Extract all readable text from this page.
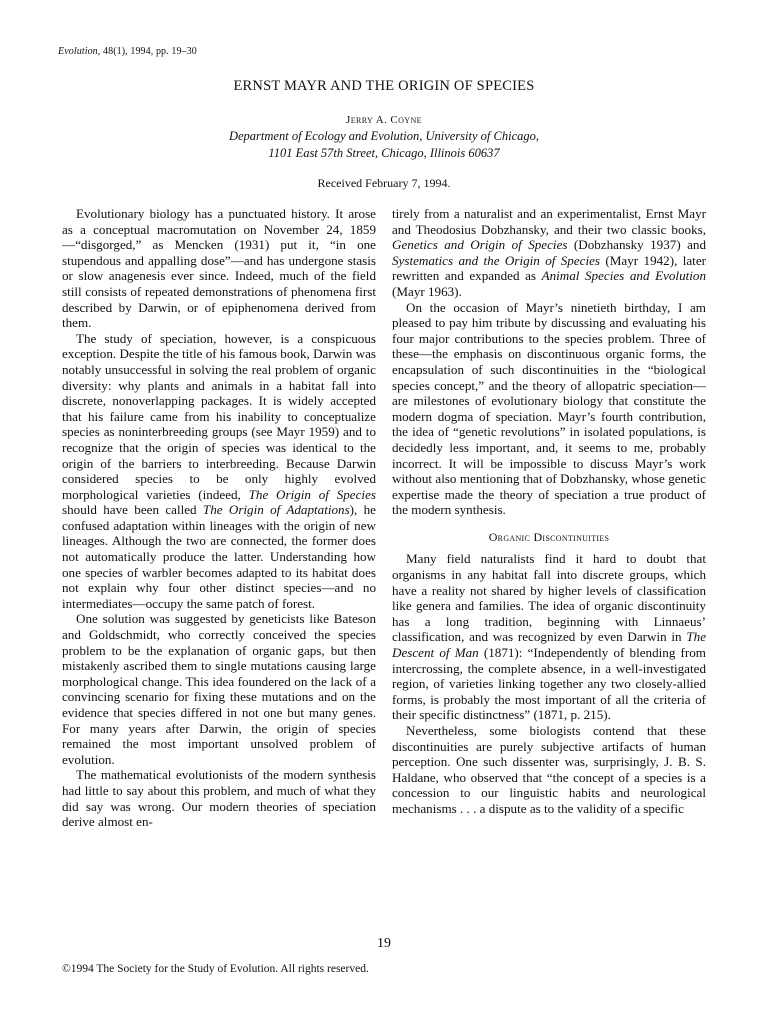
Evolution, 48(1), 1994, pp. 19–30
ERNST MAYR AND THE ORIGIN OF SPECIES
Jerry A. Coyne
Department of Ecology and Evolution, University of Chicago,
1101 East 57th Street, Chicago, Illinois 60637
Received February 7, 1994.

Evolutionary biology has a punctuated history. It arose as a conceptual macromutation on November 24, 1859—“disgorged,” as Mencken (1931) put it, “in one stupendous and appalling dose”—and has undergone stasis or slow anagenesis ever since. Indeed, much of the field still consists of repeated demonstrations of phenomena first described by Darwin, or of epiphenomena derived from them.

The study of speciation, however, is a conspicuous exception. Despite the title of his famous book, Darwin was notably unsuccessful in solving the real problem of organic diversity: why plants and animals in a habitat fall into discrete, nonoverlapping packages. It is widely accepted that his failure came from his inability to conceptualize species as noninterbreeding groups (see Mayr 1959) and to recognize that the origin of species was identical to the origin of the barriers to interbreeding. Because Darwin considered species to be only highly evolved morphological varieties (indeed, The Origin of Species should have been called The Origin of Adaptations), he confused adaptation within lineages with the origin of new lineages. Although the two are connected, the former does not automatically produce the latter. Understanding how one species of warbler becomes adapted to its habitat does not explain why four other distinct species—and no intermediates—occupy the same patch of forest.

One solution was suggested by geneticists like Bateson and Goldschmidt, who correctly conceived the species problem to be the explanation of organic gaps, but then mistakenly ascribed them to single mutations causing large morphological change. This idea foundered on the lack of a convincing scenario for fixing these mutations and on the evidence that species differed in not one but many genes. For many years after Darwin, the origin of species remained the most important unsolved problem of evolution.

The mathematical evolutionists of the modern synthesis had little to say about this problem, and much of what they did say was wrong. Our modern theories of speciation derive almost en-

tirely from a naturalist and an experimentalist, Ernst Mayr and Theodosius Dobzhansky, and their two classic books, Genetics and Origin of Species (Dobzhansky 1937) and Systematics and the Origin of Species (Mayr 1942), later rewritten and expanded as Animal Species and Evolution (Mayr 1963).

On the occasion of Mayr’s ninetieth birthday, I am pleased to pay him tribute by discussing and evaluating his four major contributions to the species problem. Three of these—the emphasis on discontinuous organic forms, the encapsulation of such discontinuities in the “biological species concept,” and the theory of allopatric speciation—are milestones of evolutionary biology that constitute the modern dogma of speciation. Mayr’s fourth contribution, the idea of “genetic revolutions” in isolated populations, is decidedly less important, and, it seems to me, probably incorrect. It will be impossible to discuss Mayr’s work without also mentioning that of Dobzhansky, whose genetic expertise made the theory of speciation a true product of the modern synthesis.

Organic Discontinuities

Many field naturalists find it hard to doubt that organisms in any habitat fall into discrete groups, which have a reality not shared by higher levels of classification like genera and families. The idea of organic discontinuity has a long tradition, beginning with Linnaeus’ classification, and was recognized by even Darwin in The Descent of Man (1871): “Independently of blending from intercrossing, the complete absence, in a well-investigated region, of varieties linking together any two closely-allied forms, is probably the most important of all the criteria of their specific distinctness” (1871, p. 215).

Nevertheless, some biologists contend that these discontinuities are purely subjective artifacts of human perception. One such dissenter was, surprisingly, J. B. S. Haldane, who observed that “the concept of a species is a concession to our linguistic habits and neurological mechanisms . . . a dispute as to the validity of a specific

19
©1994 The Society for the Study of Evolution. All rights reserved.
